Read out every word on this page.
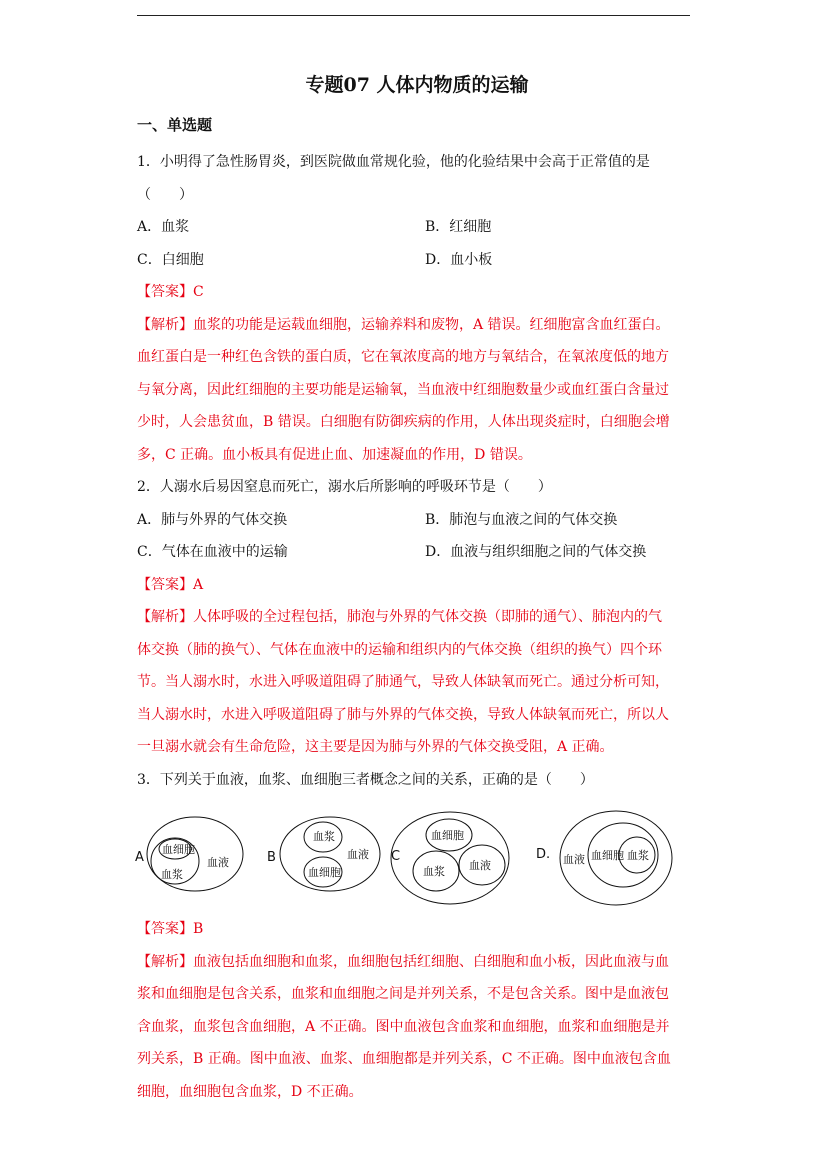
专题07 人体内物质的运输
一、单选题
1．小明得了急性肠胃炎，到医院做血常规化验，他的化验结果中会高于正常值的是
（　　）
A．血浆	B．红细胞
C．白细胞	D．血小板
【答案】C
【解析】血浆的功能是运载血细胞，运输养料和废物，A 错误。红细胞富含血红蛋白。
血红蛋白是一种红色含铁的蛋白质，它在氧浓度高的地方与氧结合，在氧浓度低的地方
与氧分离，因此红细胞的主要功能是运输氧，当血液中红细胞数量少或血红蛋白含量过
少时，人会患贫血，B 错误。白细胞有防御疾病的作用，人体出现炎症时，白细胞会增
多，C 正确。血小板具有促进止血、加速凝血的作用，D 错误。
2．人溺水后易因窒息而死亡，溺水后所影响的呼吸环节是（　　）
A．肺与外界的气体交换	B．肺泡与血液之间的气体交换
C．气体在血液中的运输	D．血液与组织细胞之间的气体交换
【答案】A
【解析】人体呼吸的全过程包括，肺泡与外界的气体交换（即肺的通气）、肺泡内的气
体交换（肺的换气）、气体在血液中的运输和组织内的气体交换（组织的换气）四个环
节。当人溺水时，水进入呼吸道阻碍了肺通气，导致人体缺氧而死亡。通过分析可知，
当人溺水时，水进入呼吸道阻碍了肺与外界的气体交换，导致人体缺氧而死亡，所以人
一旦溺水就会有生命危险，这主要是因为肺与外界的气体交换受阻，A 正确。
3．下列关于血液，血浆、血细胞三者概念之间的关系，正确的是（　　）
A
血细胞
血浆
血液	B
血浆
血液
血细胞
C
血细胞
血浆 血液
D. 血液 血细胞 血浆
【答案】B
【解析】血液包括血细胞和血浆，血细胞包括红细胞、白细胞和血小板，因此血液与血
浆和血细胞是包含关系，血浆和血细胞之间是并列关系，不是包含关系。图中是血液包
含血浆，血浆包含血细胞，A 不正确。图中血液包含血浆和血细胞，血浆和血细胞是并
列关系，B 正确。图中血液、血浆、血细胞都是并列关系，C 不正确。图中血液包含血
细胞，血细胞包含血浆，D 不正确。
